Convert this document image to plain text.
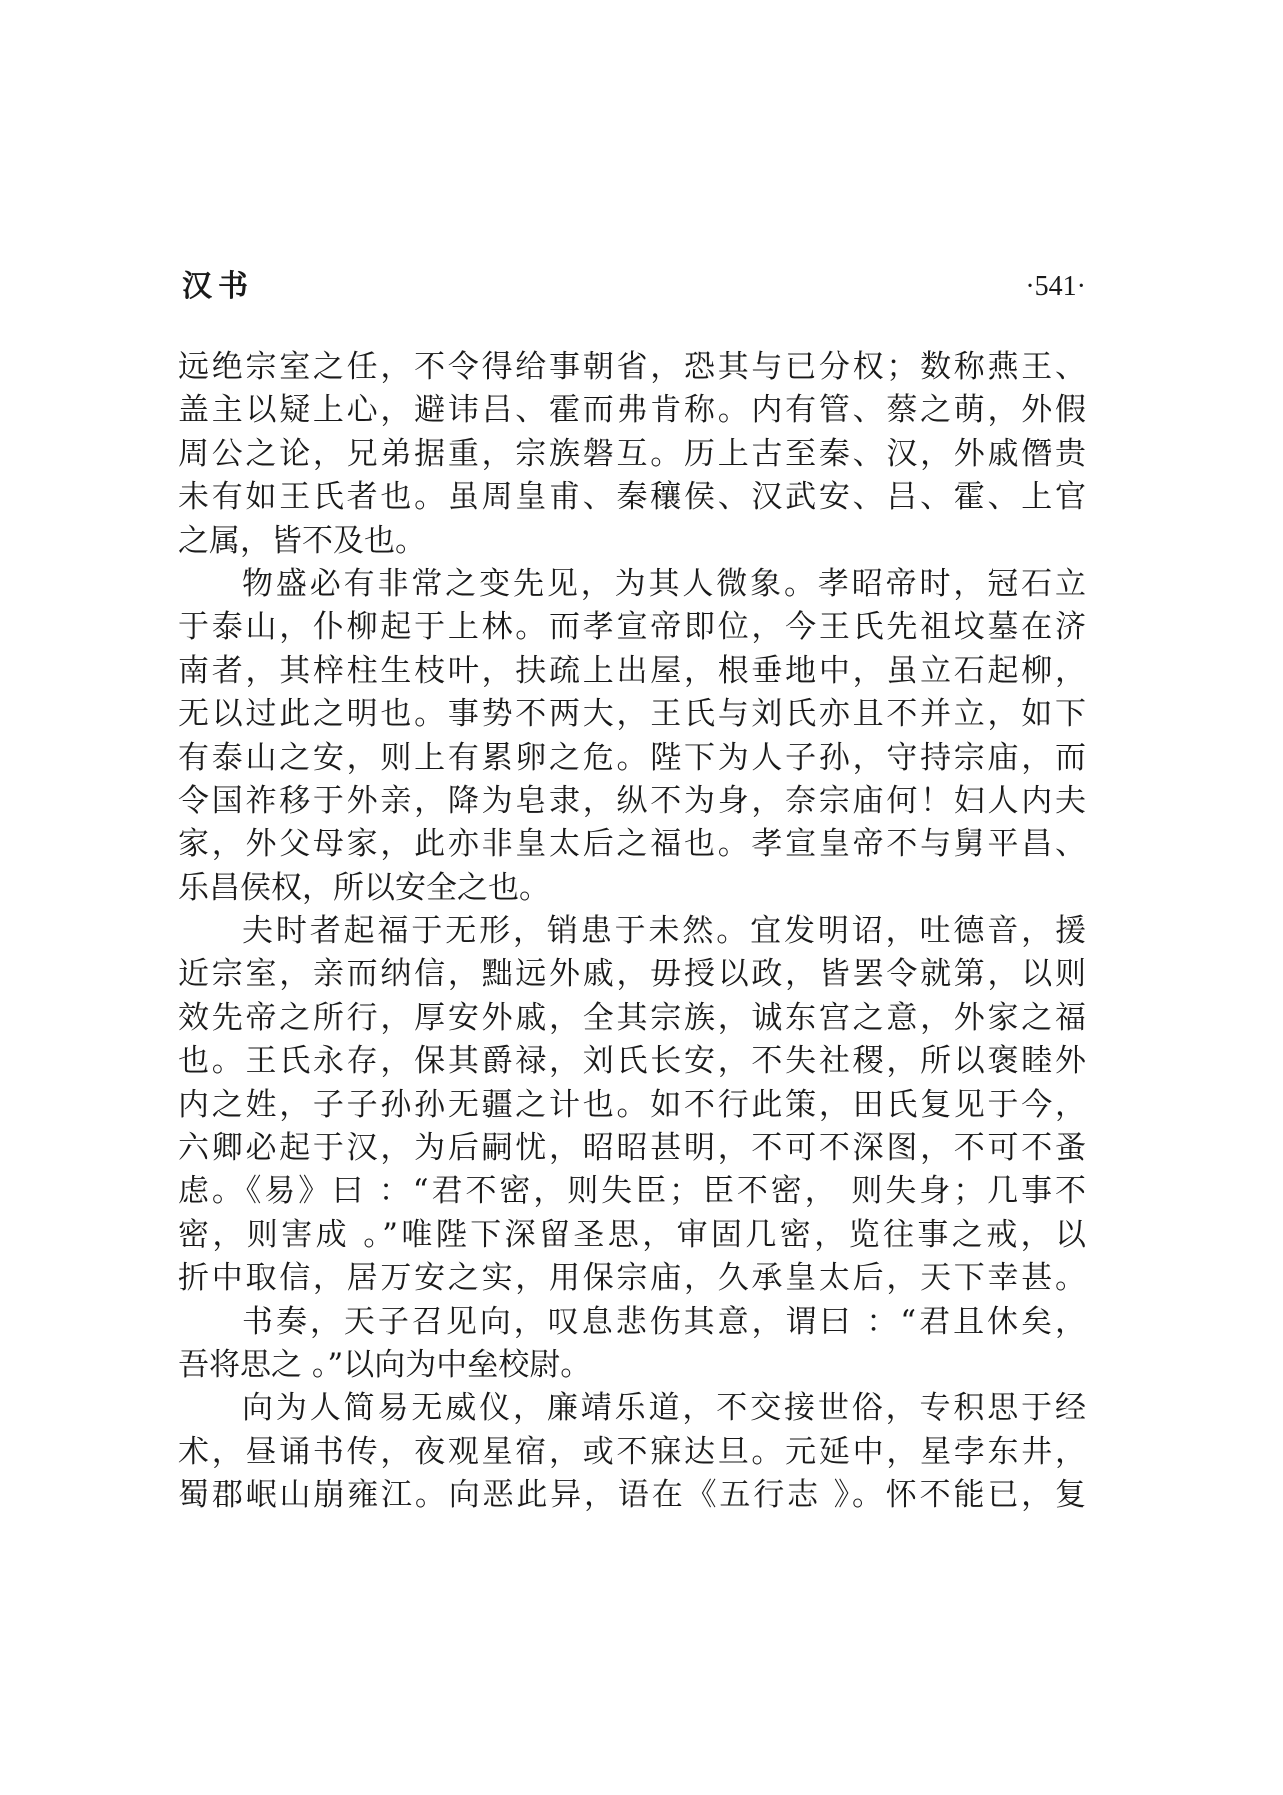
汉书	·541·
远绝宗室之任，不令得给事朝省，恐其与已分权；数称燕王、
盖主以疑上心，避讳吕、霍而弗肯称。内有管、蔡之萌，外假
周公之论，兄弟据重，宗族磐互。历上古至秦、汉，外戚僭贵
未有如王氏者也。虽周皇甫、秦穰侯、汉武安、吕、霍、上官
之属，皆不及也。
物盛必有非常之变先见，为其人微象。孝昭帝时，冠石立
于泰山，仆柳起于上林。而孝宣帝即位，今王氏先祖坟墓在济
南者，其梓柱生枝叶，扶疏上出屋，根垂地中，虽立石起柳，
无以过此之明也。事势不两大，王氏与刘氏亦且不并立，如下
有泰山之安，则上有累卵之危。陛下为人子孙，守持宗庙，而
令国祚移于外亲，降为皂隶，纵不为身，奈宗庙何！妇人内夫
家，外父母家，此亦非皇太后之福也。孝宣皇帝不与舅平昌、
乐昌侯权，所以安全之也。
夫时者起福于无形，销患于未然。宜发明诏，吐德音，援
近宗室，亲而纳信，黜远外戚，毋授以政，皆罢令就第，以则
效先帝之所行，厚安外戚，全其宗族，诚东宫之意，外家之福
也。王氏永存，保其爵禄，刘氏长安，不失社稷，所以褒睦外
内之姓，子子孙孙无疆之计也。如不行此策，田氏复见于今，
六卿必起于汉，为后嗣忧，昭昭甚明，不可不深图，不可不蚤
虑。《易》曰 ：“君不密，则失臣；臣不密， 则失身；几事不
密，则害成 。”唯陛下深留圣思，审固几密，览往事之戒，以
折中取信，居万安之实，用保宗庙，久承皇太后，天下幸甚。
书奏，天子召见向，叹息悲伤其意，谓曰 ：“君且休矣，
吾将思之 。”以向为中垒校尉。
向为人简易无威仪，廉靖乐道，不交接世俗，专积思于经
术，昼诵书传，夜观星宿，或不寐达旦。元延中，星孛东井，
蜀郡岷山崩雍江。向恶此异，语在《五行志 》。怀不能已，复
